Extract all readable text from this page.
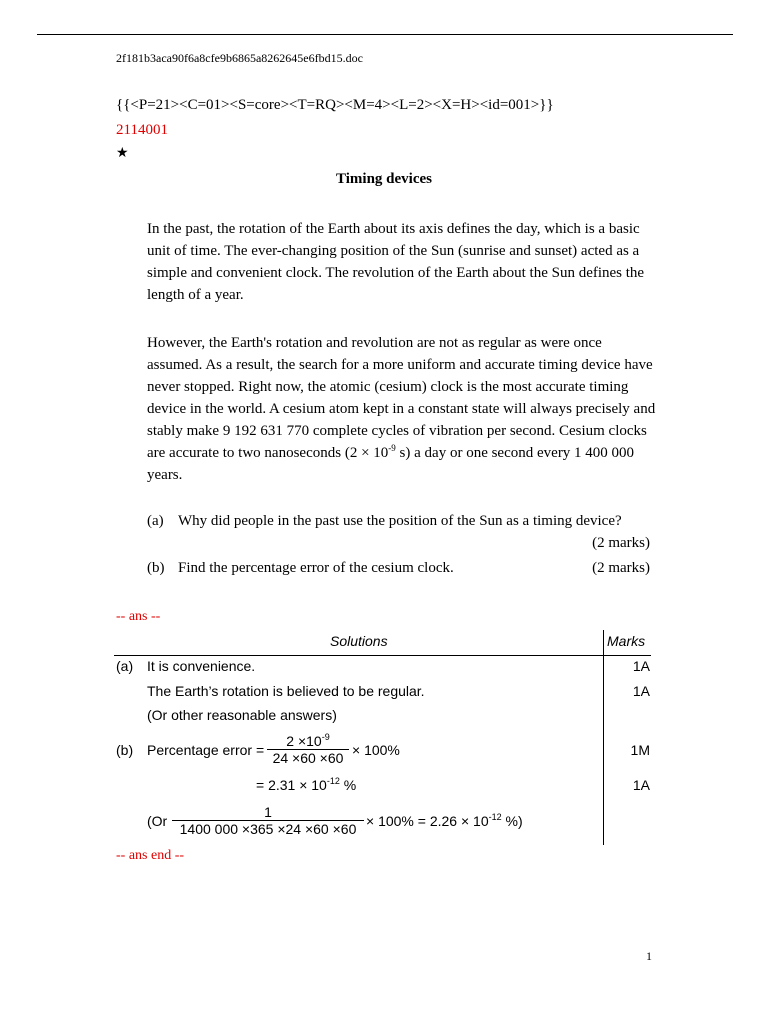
2f181b3aca90f6a8cfe9b6865a8262645e6fbd15.doc
{{<P=21><C=01><S=core><T=RQ><M=4><L=2><X=H><id=001>}}
2114001
★
Timing devices
In the past, the rotation of the Earth about its axis defines the day, which is a basic unit of time. The ever-changing position of the Sun (sunrise and sunset) acted as a simple and convenient clock. The revolution of the Earth about the Sun defines the length of a year.
However, the Earth's rotation and revolution are not as regular as were once assumed. As a result, the search for a more uniform and accurate timing device have never stopped. Right now, the atomic (cesium) clock is the most accurate timing device in the world. A cesium atom kept in a constant state will always precisely and stably make 9 192 631 770 complete cycles of vibration per second. Cesium clocks are accurate to two nanoseconds ($2 \times 10^{-9}$ s) a day or one second every 1 400 000 years.
(a) Why did people in the past use the position of the Sun as a timing device?
(2 marks)
(b) Find the percentage error of the cesium clock.	(2 marks)
-- ans --
Solutions	Marks
(a) It is convenience.	1A
The Earth’s rotation is believed to be regular.	1A
(Or other reasonable answers)
(b) Percentage error =
$2 \times 10^{-9}$
24 ×60 ×60 × 100%	1M
= $2.31 \times 10^{-12}$ %	1A
(Or
1
1400 $000 \times 365 \times 24 \times 60 \times 60 \times 100\% = 2.26 \times 10^{-12}$ %)
-- ans end --
1
